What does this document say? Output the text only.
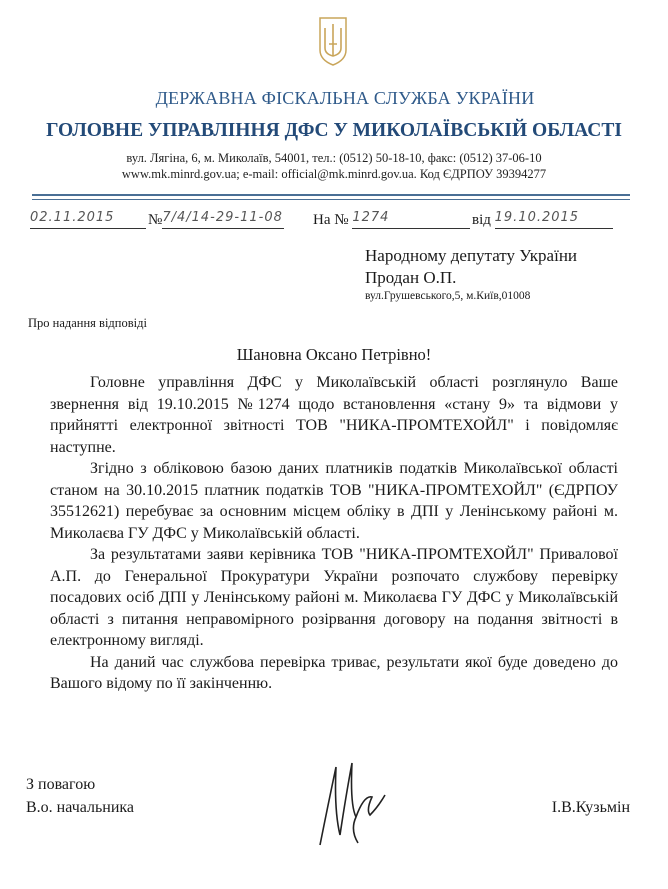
ДЕРЖАВНА ФІСКАЛЬНА СЛУЖБА УКРАЇНИ
ГОЛОВНЕ УПРАВЛІННЯ ДФС У МИКОЛАЇВСЬКІЙ ОБЛАСТІ
вул. Лягіна, 6, м. Миколаїв, 54001, тел.: (0512) 50-18-10, факс: (0512) 37-06-10
www.mk.minrd.gov.ua; e-mail: official@mk.minrd.gov.ua. Код ЄДРПОУ 39394277
02.11.2015	№7/4/14-29-11-08 На № 1274	від 19.10.2015
Народному депутату України
Продан О.П.
вул.Грушевського,5, м.Київ,01008
Про надання відповіді
Шановна Оксано Петрівно!

Головне управління ДФС у Миколаївській області розглянуло Ваше звернення від 19.10.2015 №1274 щодо встановлення «стану 9» та відмови у прийнятті електронної звітності ТОВ "НИКА-ПРОМТЕХОЙЛ" і повідомляє наступне.

Згідно з обліковою базою даних платників податків Миколаївської області станом на 30.10.2015 платник податків ТОВ "НИКА-ПРОМТЕХОЙЛ" (ЄДРПОУ 35512621) перебуває за основним місцем обліку в ДПІ у Ленінському районі м. Миколаєва ГУ ДФС у Миколаївській області.

За результатами заяви керівника ТОВ "НИКА-ПРОМТЕХОЙЛ" Привалової А.П. до Генеральної Прокуратури України розпочато службову перевірку посадових осіб ДПІ у Ленінському районі м. Миколаєва ГУ ДФС у Миколаївській області з питання неправомірного розірвання договору на подання звітності в електронному вигляді.

На даний час службова перевірка триває, результати якої буде доведено до Вашого відому по її закінченню.

З повагою
В.о. начальника	І.В.Кузьмін
